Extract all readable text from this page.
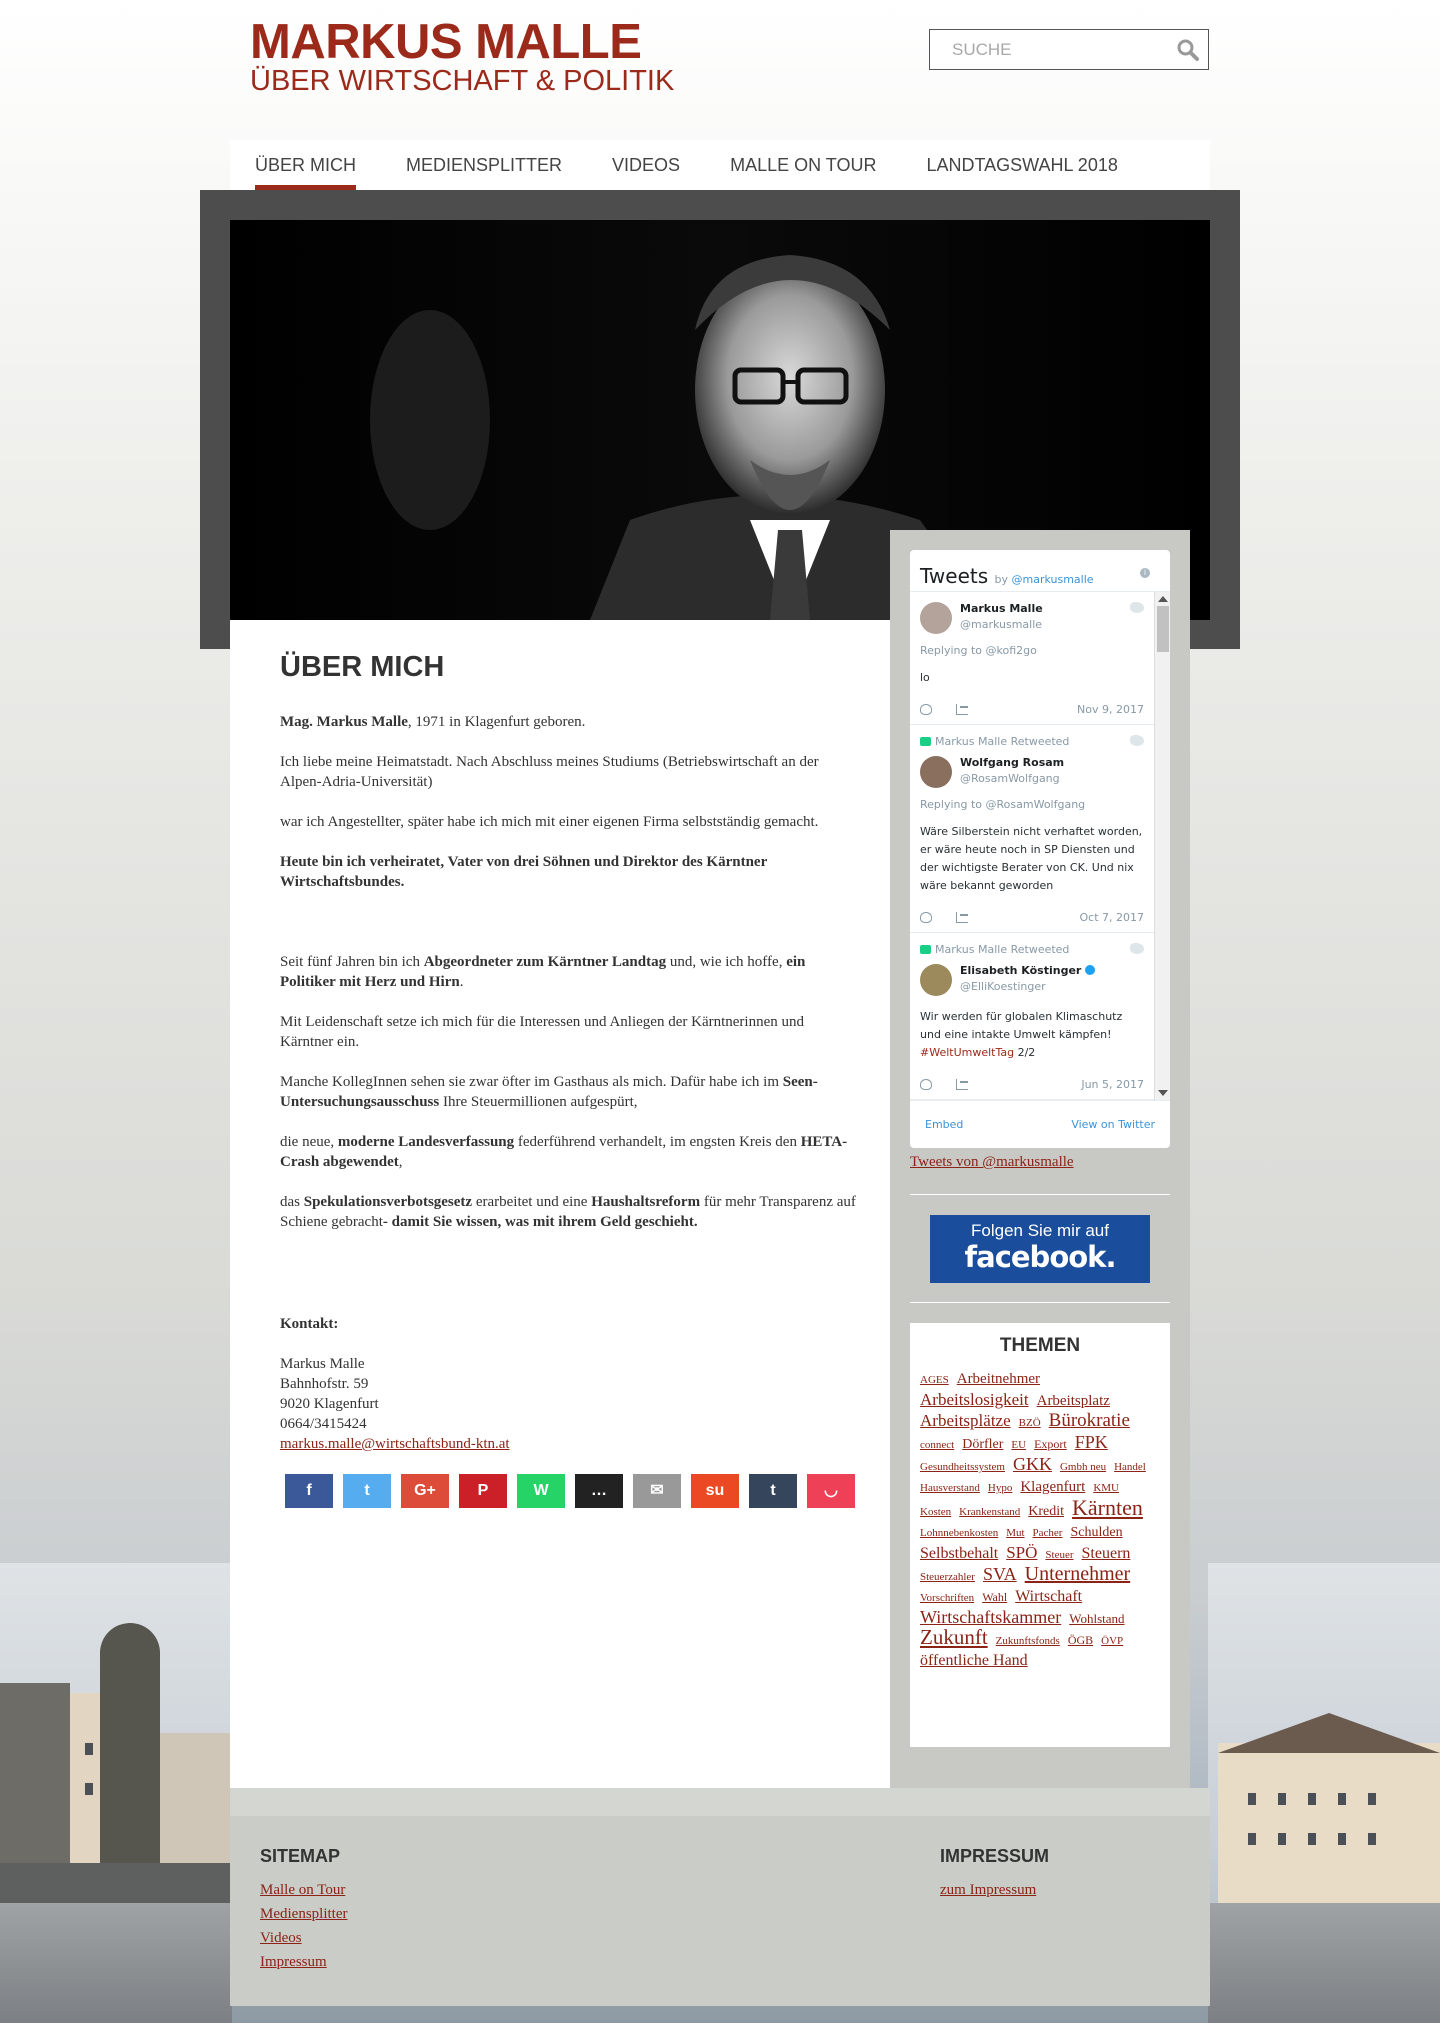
MARKUS MALLE
ÜBER WIRTSCHAFT & POLITIK
SUCHE
ÜBER MICH	MEDIENSPLITTER	VIDEOS	MALLE ON TOUR	LANDTAGSWAHL 2018
ÜBER MICH

Mag. Markus Malle, 1971 in Klagenfurt geboren.

Ich liebe meine Heimatstadt. Nach Abschluss meines Studiums (Betriebswirtschaft an der Alpen-Adria-Universität)

war ich Angestellter, später habe ich mich mit einer eigenen Firma selbstständig gemacht.

Heute bin ich verheiratet, Vater von drei Söhnen und Direktor des Kärntner Wirtschaftsbundes.

Seit fünf Jahren bin ich Abgeordneter zum Kärntner Landtag und, wie ich hoffe, ein Politiker mit Herz und Hirn.

Mit Leidenschaft setze ich mich für die Interessen und Anliegen der Kärntnerinnen und Kärntner ein.

Manche KollegInnen sehen sie zwar öfter im Gasthaus als mich. Dafür habe ich im Seen-Untersuchungsausschuss Ihre Steuermillionen aufgespürt,

die neue, moderne Landesverfassung federführend verhandelt, im engsten Kreis den HETA-Crash abgewendet,

das Spekulationsverbotsgesetz erarbeitet und eine Haushaltsreform für mehr Transparenz auf Schiene gebracht- damit Sie wissen, was mit ihrem Geld geschieht.

Kontakt:

Markus Malle
Bahnhofstr. 59
9020 Klagenfurt
0664/3415424
markus.malle@wirtschaftsbund-ktn.at
f	t	G+	P	W	…	✉	su	t	◡
Tweets by @markusmalle
i
Markus Malle
@markusmalle
Replying to @kofi2go
lo
Nov 9, 2017
Markus Malle Retweeted
Wolfgang Rosam
@RosamWolfgang
Replying to @RosamWolfgang
Wäre Silberstein nicht verhaftet worden, er wäre heute noch in SP Diensten und der wichtigste Berater von CK. Und nix wäre bekannt geworden
Oct 7, 2017
Markus Malle Retweeted
Elisabeth Köstinger
@ElliKoestinger
Wir werden für globalen Klimaschutz und eine intakte Umwelt kämpfen!
#WeltUmweltTag 2/2
Jun 5, 2017
Embed	View on Twitter
Tweets von @markusmalle
Folgen Sie mir auf
facebook.
THEMEN
AGES Arbeitnehmer Arbeitslosigkeit Arbeitsplatz Arbeitsplätze BZÖ Bürokratie connect Dörfler EU Export FPK Gesundheitssystem GKK Gmbh neu Handel Hausverstand Hypo Klagenfurt KMU Kosten Krankenstand Kredit Kärnten Lohnnebenkosten Mut Pacher Schulden Selbstbehalt SPÖ Steuer Steuern Steuerzahler SVA Unternehmer Vorschriften Wahl Wirtschaft Wirtschaftskammer Wohlstand Zukunft Zukunftsfonds ÖGB ÖVP öffentliche Hand
SITEMAP
Malle on Tour
Mediensplitter
Videos
Impressum
IMPRESSUM
zum Impressum
